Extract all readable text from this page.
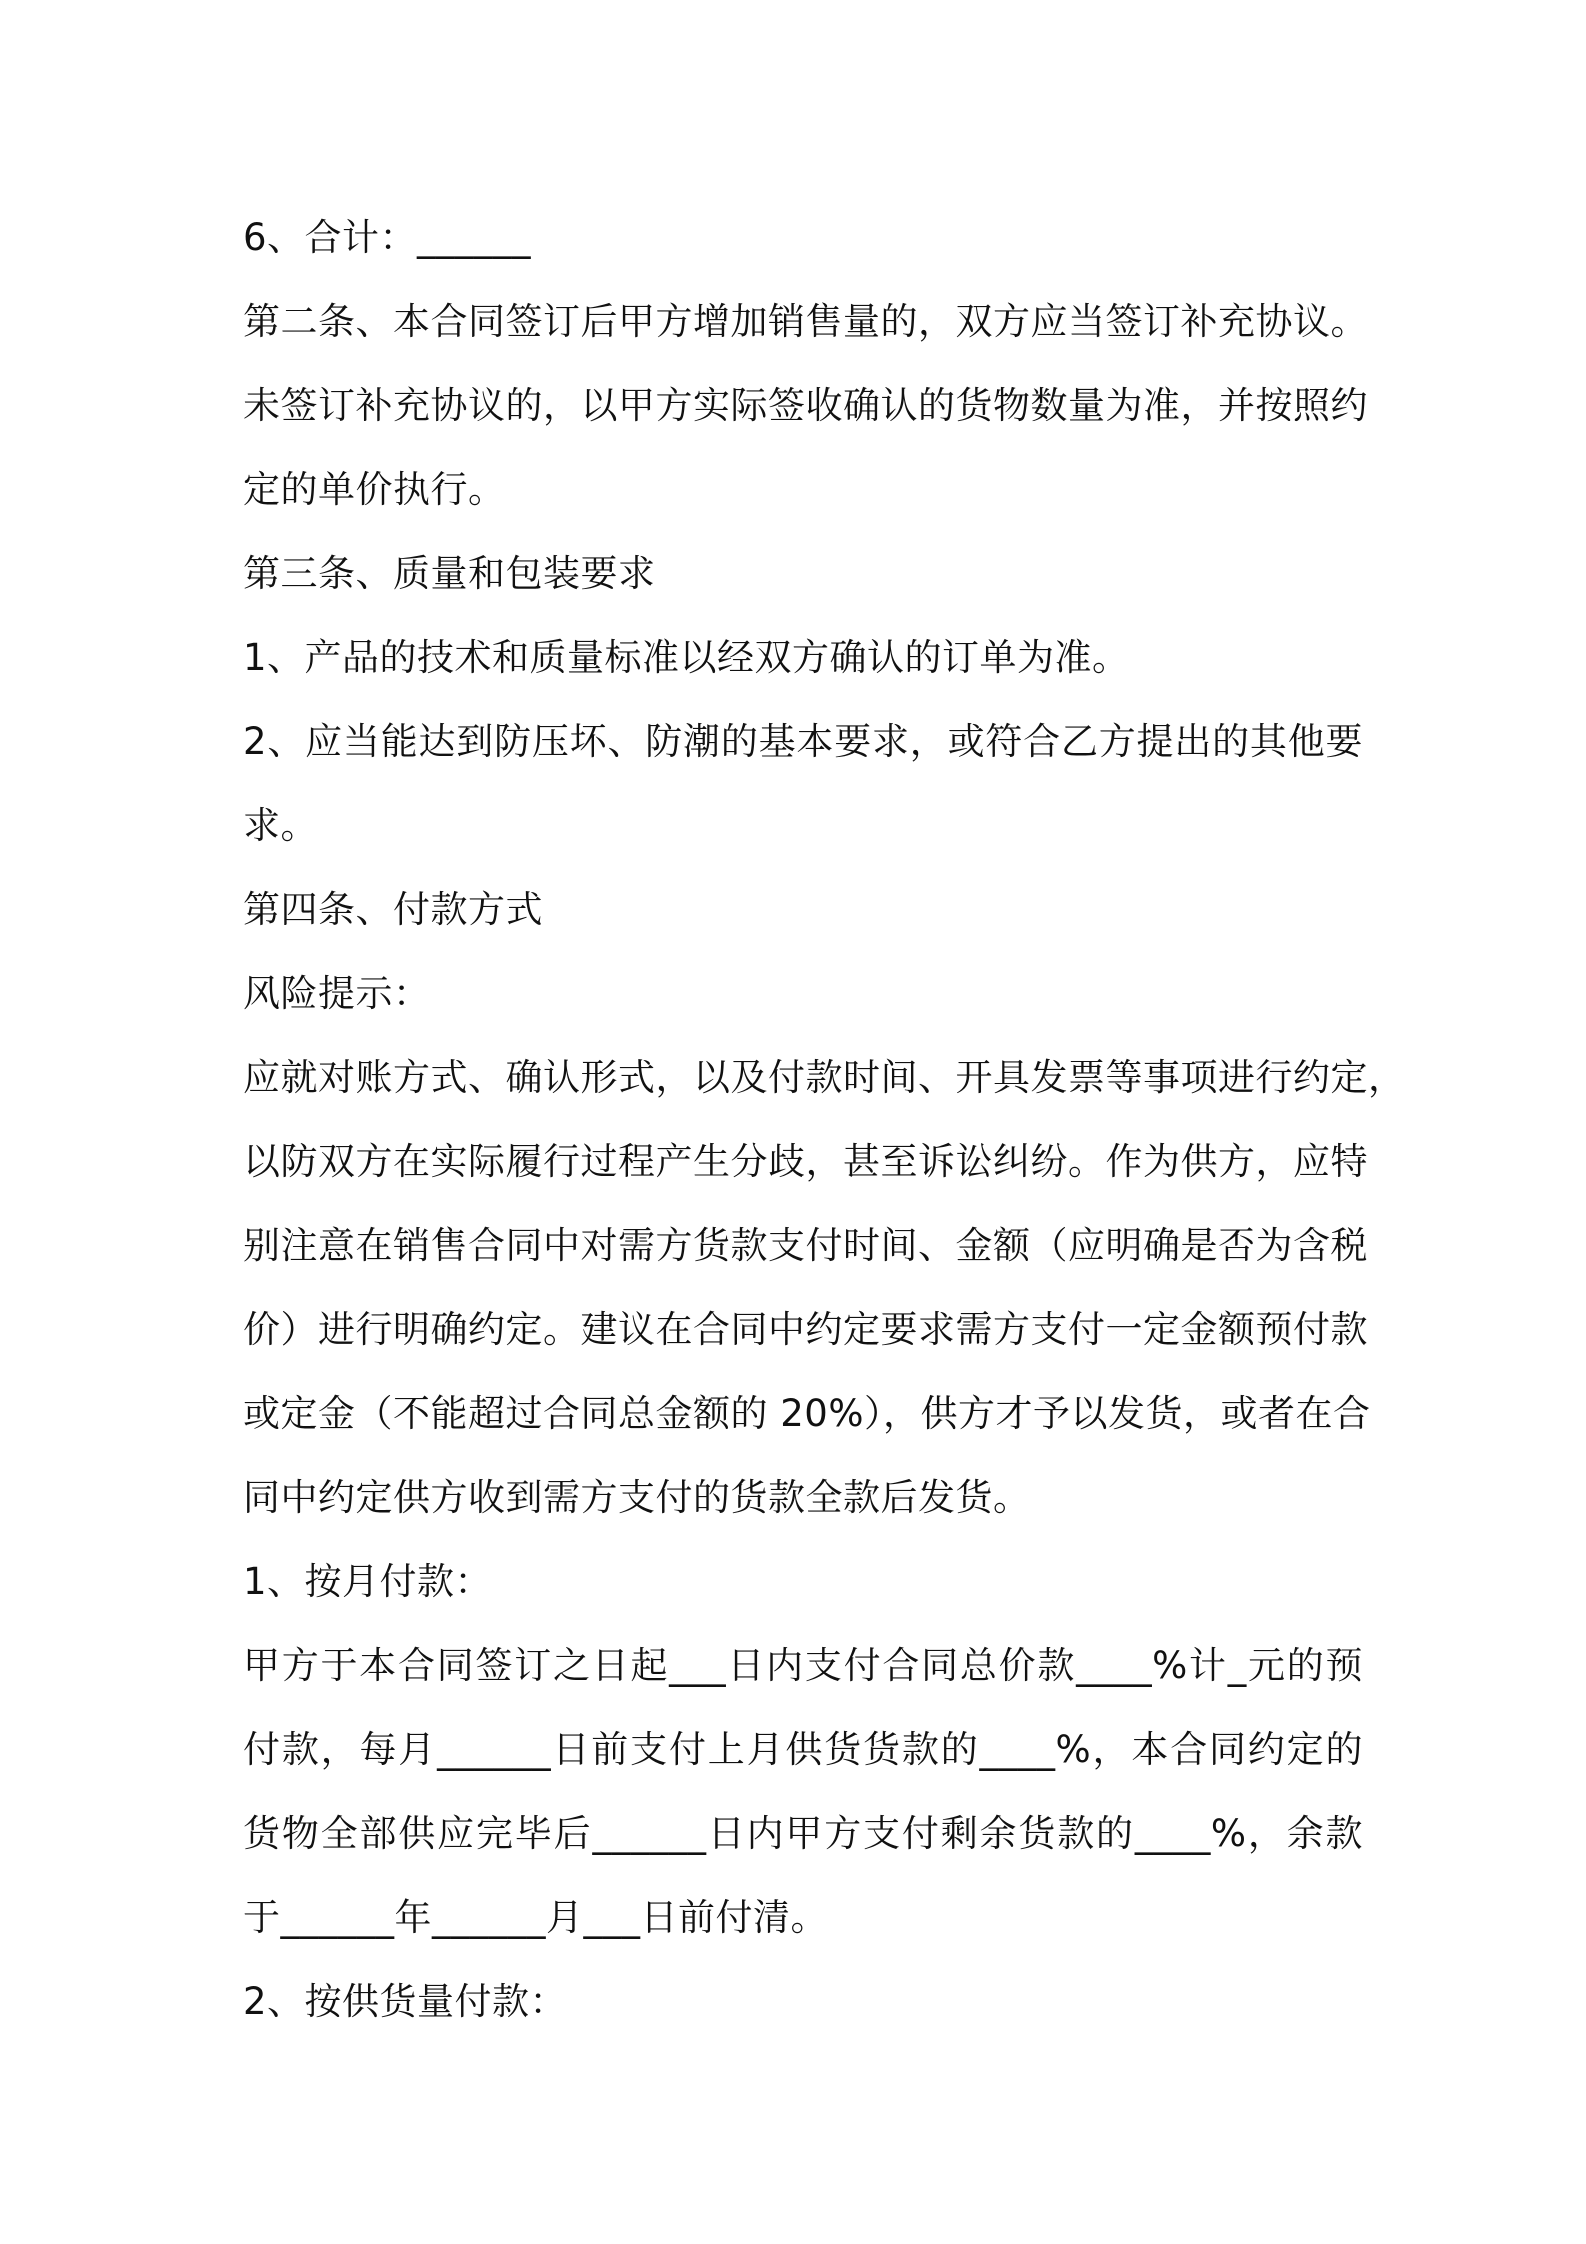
6、合计：______
第二条、本合同签订后甲方增加销售量的，双方应当签订补充协议。
未签订补充协议的，以甲方实际签收确认的货物数量为准，并按照约
定的单价执行。
第三条、质量和包装要求
1、产品的技术和质量标准以经双方确认的订单为准。
2、应当能达到防压坏、防潮的基本要求，或符合乙方提出的其他要
求。
第四条、付款方式
风险提示：
应就对账方式、确认形式，以及付款时间、开具发票等事项进行约定，
以防双方在实际履行过程产生分歧，甚至诉讼纠纷。作为供方，应特
别注意在销售合同中对需方货款支付时间、金额（应明确是否为含税
价）进行明确约定。建议在合同中约定要求需方支付一定金额预付款
或定金（不能超过合同总金额的 20%），供方才予以发货，或者在合
同中约定供方收到需方支付的货款全款后发货。
1、按月付款：
甲方于本合同签订之日起___日内支付合同总价款____%计_元的预
付款，每月______日前支付上月供货货款的____%，本合同约定的
货物全部供应完毕后______日内甲方支付剩余货款的____%，余款
于______年______月___日前付清。
2、按供货量付款：
